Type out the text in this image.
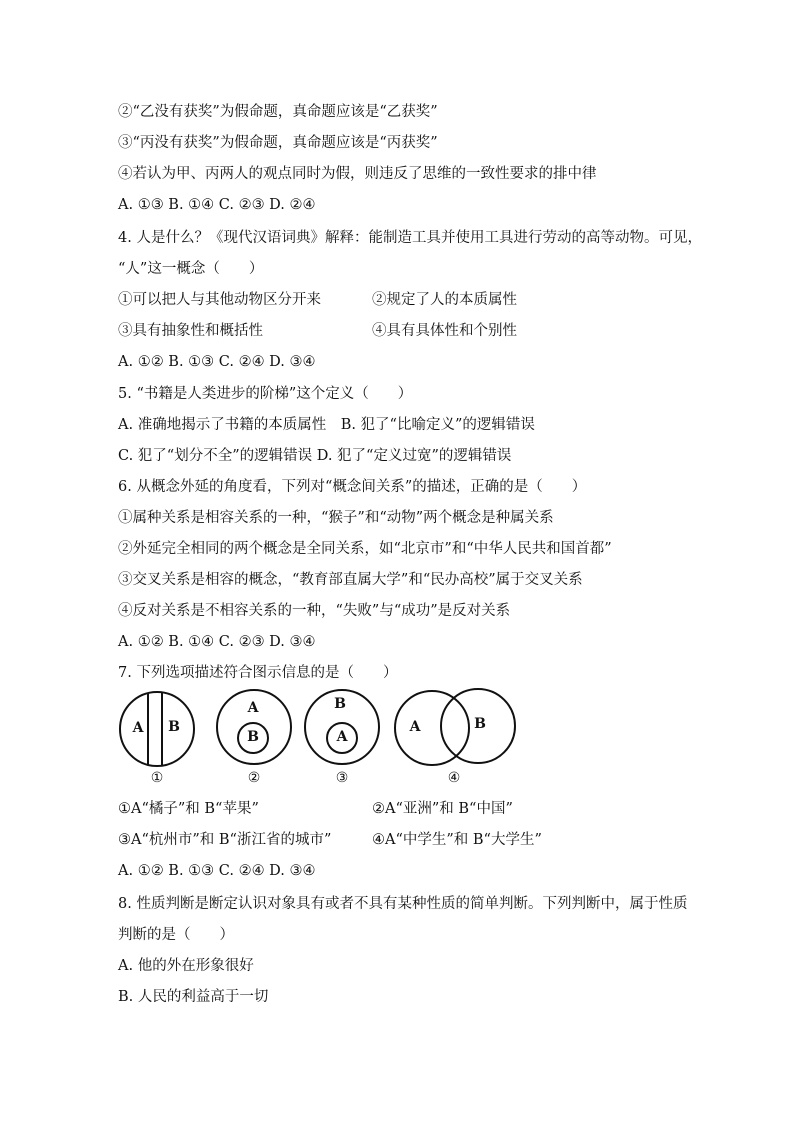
②“乙没有获奖”为假命题，真命题应该是“乙获奖”
③“丙没有获奖”为假命题，真命题应该是“丙获奖”
④若认为甲、丙两人的观点同时为假，则违反了思维的一致性要求的排中律
A. ①③ B. ①④ C. ②③ D. ②④
4. 人是什么？《现代汉语词典》解释：能制造工具并使用工具进行劳动的高等动物。可见，
“人”这一概念（　　）
①可以把人与其他动物区分开来	②规定了人的本质属性
③具有抽象性和概括性	④具有具体性和个别性
A. ①② B. ①③ C. ②④ D. ③④
5. “书籍是人类进步的阶梯”这个定义（　　）
A. 准确地揭示了书籍的本质属性　B. 犯了“比喻定义”的逻辑错误
C. 犯了“划分不全”的逻辑错误 D. 犯了“定义过宽”的逻辑错误
6. 从概念外延的角度看，下列对“概念间关系”的描述，正确的是（　　）
①属种关系是相容关系的一种，“猴子”和“动物”两个概念是种属关系
②外延完全相同的两个概念是全同关系，如“北京市”和“中华人民共和国首都”
③交叉关系是相容的概念，“教育部直属大学”和“民办高校”属于交叉关系
④反对关系是不相容关系的一种，“失败”与“成功”是反对关系
A. ①② B. ①④ C. ②③ D. ③④
7. 下列选项描述符合图示信息的是（　　）
A	B
①
A
B
②
B
A
③
A	B
④
①A“橘子”和 B“苹果”	②A“亚洲”和 B“中国”
③A“杭州市”和 B“浙江省的城市”	④A“中学生”和 B“大学生”
A. ①② B. ①③ C. ②④ D. ③④
8. 性质判断是断定认识对象具有或者不具有某种性质的简单判断。下列判断中，属于性质
判断的是（　　）
A. 他的外在形象很好
B. 人民的利益高于一切
